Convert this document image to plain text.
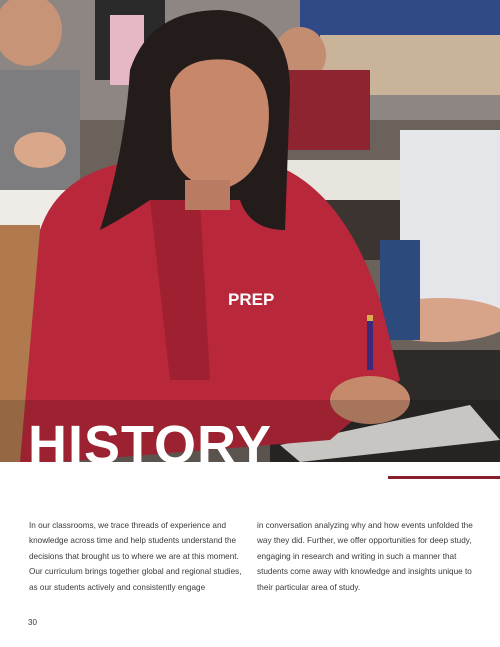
PREP
HISTORY

In our classrooms, we trace threads of experience and knowledge across time and help students understand the decisions that brought us to where we are at this moment. Our curriculum brings together global and regional studies, as our students actively and consistently engage

in conversation analyzing why and how events unfolded the way they did. Further, we offer opportunities for deep study, engaging in research and writing in such a manner that students come away with knowledge and insights unique to their particular area of study.

30
